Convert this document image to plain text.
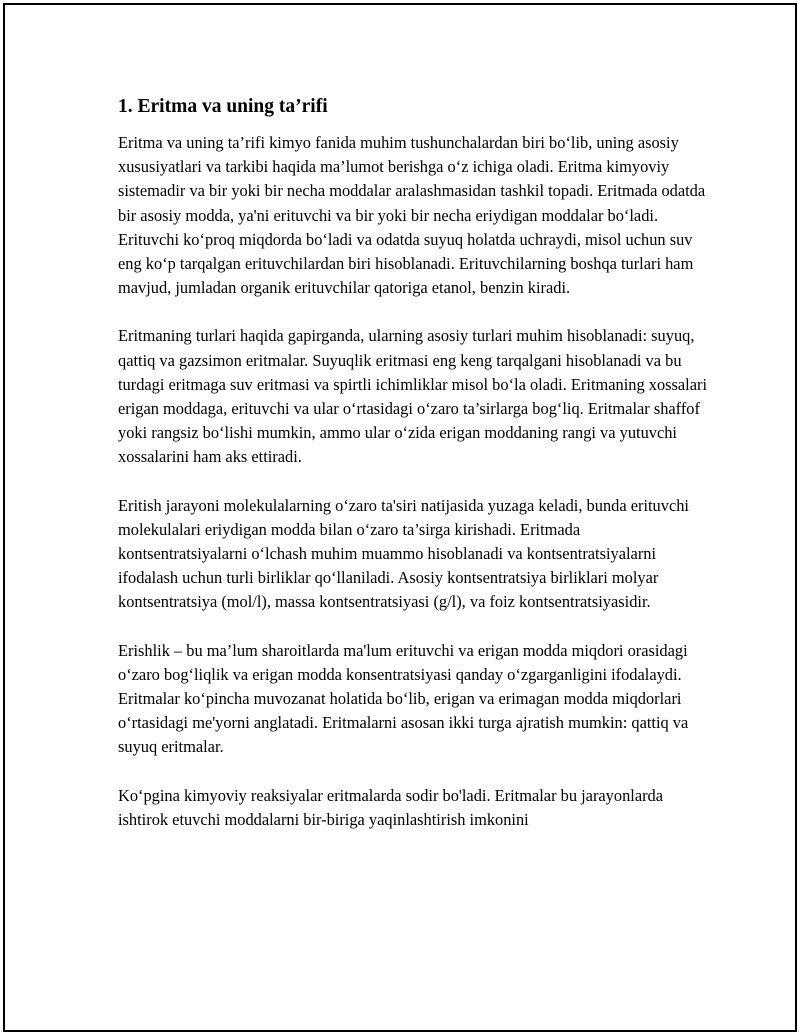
1. Eritma va uning ta’rifi

Eritma va uning ta’rifi kimyo fanida muhim tushunchalardan biri bo‘lib, uning asosiy xususiyatlari va tarkibi haqida ma’lumot berishga o‘z ichiga oladi. Eritma kimyoviy sistemadir va bir yoki bir necha moddalar aralashmasidan tashkil topadi. Eritmada odatda bir asosiy modda, ya'ni erituvchi va bir yoki bir necha eriydigan moddalar bo‘ladi. Erituvchi ko‘proq miqdorda bo‘ladi va odatda suyuq holatda uchraydi, misol uchun suv eng ko‘p tarqalgan erituvchilardan biri hisoblanadi. Erituvchilarning boshqa turlari ham mavjud, jumladan organik erituvchilar qatoriga etanol, benzin kiradi.

Eritmaning turlari haqida gapirganda, ularning asosiy turlari muhim hisoblanadi: suyuq, qattiq va gazsimon eritmalar. Suyuqlik eritmasi eng keng tarqalgani hisoblanadi va bu turdagi eritmaga suv eritmasi va spirtli ichimliklar misol bo‘la oladi. Eritmaning xossalari erigan moddaga, erituvchi va ular o‘rtasidagi o‘zaro ta’sirlarga bog‘liq. Eritmalar shaffof yoki rangsiz bo‘lishi mumkin, ammo ular o‘zida erigan moddaning rangi va yutuvchi xossalarini ham aks ettiradi.

Eritish jarayoni molekulalarning o‘zaro ta'siri natijasida yuzaga keladi, bunda erituvchi molekulalari eriydigan modda bilan o‘zaro ta’sirga kirishadi. Eritmada kontsentratsiyalarni o‘lchash muhim muammo hisoblanadi va kontsentratsiyalarni ifodalash uchun turli birliklar qo‘llaniladi. Asosiy kontsentratsiya birliklari molyar kontsentratsiya (mol/l), massa kontsentratsiyasi (g/l), va foiz kontsentratsiyasidir.

Erishlik – bu ma’lum sharoitlarda ma'lum erituvchi va erigan modda miqdori orasidagi o‘zaro bog‘liqlik va erigan modda konsentratsiyasi qanday o‘zgarganligini ifodalaydi. Eritmalar ko‘pincha muvozanat holatida bo‘lib, erigan va erimagan modda miqdorlari o‘rtasidagi me'yorni anglatadi. Eritmalarni asosan ikki turga ajratish mumkin: qattiq va suyuq eritmalar.

Ko‘pgina kimyoviy reaksiyalar eritmalarda sodir bo'ladi. Eritmalar bu jarayonlarda ishtirok etuvchi moddalarni bir-biriga yaqinlashtirish imkonini
